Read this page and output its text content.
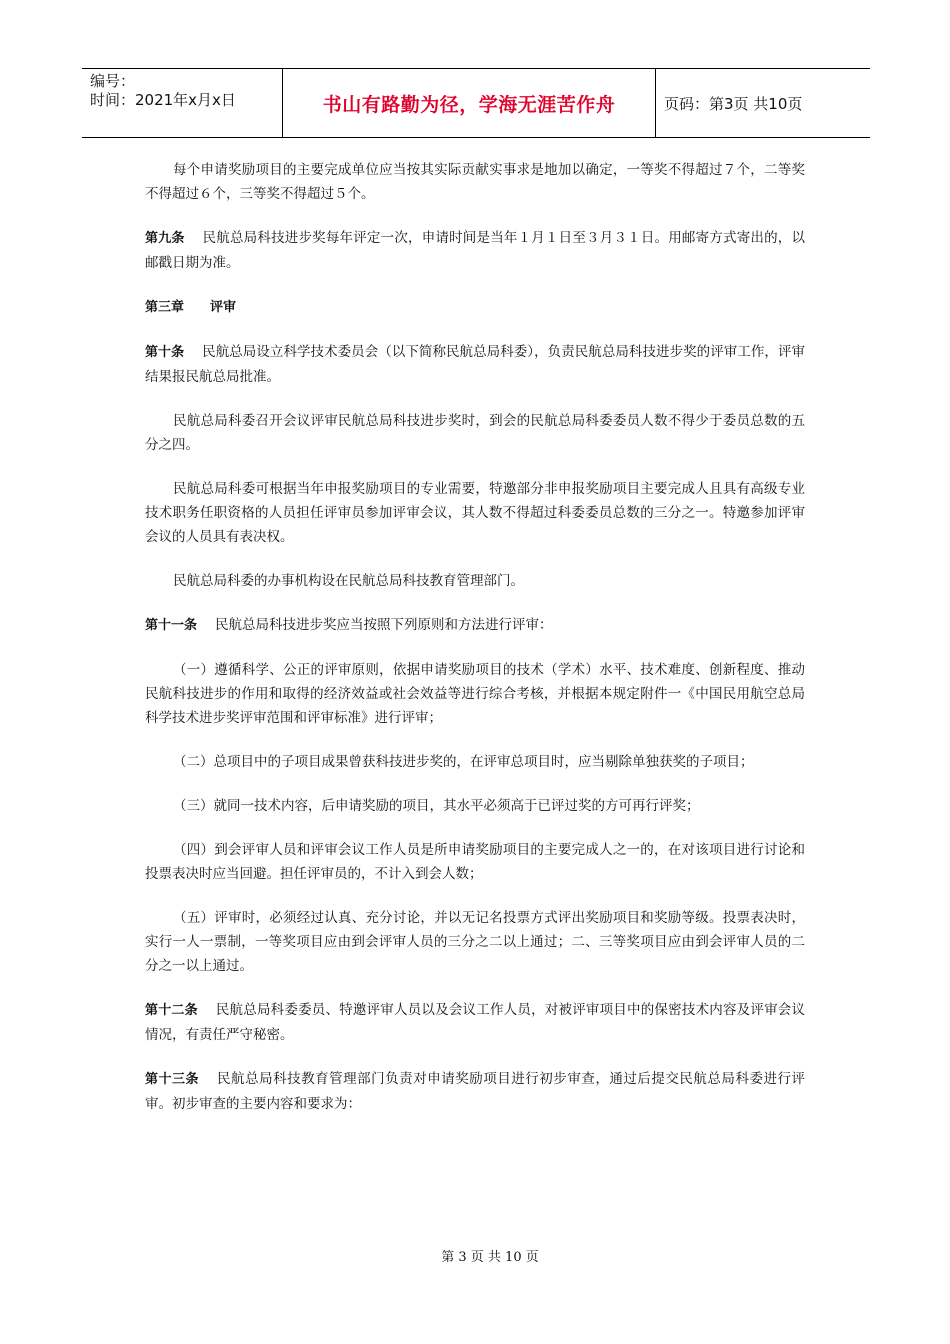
编号：
时间：2021年x月x日	书山有路勤为径，学海无涯苦作舟	页码：第3页 共10页

每个申请奖励项目的主要完成单位应当按其实际贡献实事求是地加以确定，一等奖不得超过７个，二等奖不得超过６个，三等奖不得超过５个。

第九条 民航总局科技进步奖每年评定一次，申请时间是当年１月１日至３月３１日。用邮寄方式寄出的，以邮戳日期为准。

第三章　　评审

第十条 民航总局设立科学技术委员会（以下简称民航总局科委），负责民航总局科技进步奖的评审工作，评审结果报民航总局批准。

民航总局科委召开会议评审民航总局科技进步奖时，到会的民航总局科委委员人数不得少于委员总数的五分之四。

民航总局科委可根据当年申报奖励项目的专业需要，特邀部分非申报奖励项目主要完成人且具有高级专业技术职务任职资格的人员担任评审员参加评审会议，其人数不得超过科委委员总数的三分之一。特邀参加评审会议的人员具有表决权。

民航总局科委的办事机构设在民航总局科技教育管理部门。

第十一条 民航总局科技进步奖应当按照下列原则和方法进行评审：

（一）遵循科学、公正的评审原则，依据申请奖励项目的技术（学术）水平、技术难度、创新程度、推动民航科技进步的作用和取得的经济效益或社会效益等进行综合考核，并根据本规定附件一《中国民用航空总局科学技术进步奖评审范围和评审标准》进行评审；

（二）总项目中的子项目成果曾获科技进步奖的，在评审总项目时，应当剔除单独获奖的子项目；

（三）就同一技术内容，后申请奖励的项目，其水平必须高于已评过奖的方可再行评奖；

（四）到会评审人员和评审会议工作人员是所申请奖励项目的主要完成人之一的，在对该项目进行讨论和投票表决时应当回避。担任评审员的，不计入到会人数；

（五）评审时，必须经过认真、充分讨论，并以无记名投票方式评出奖励项目和奖励等级。投票表决时，实行一人一票制，一等奖项目应由到会评审人员的三分之二以上通过；二、三等奖项目应由到会评审人员的二分之一以上通过。

第十二条 民航总局科委委员、特邀评审人员以及会议工作人员，对被评审项目中的保密技术内容及评审会议情况，有责任严守秘密。

第十三条 民航总局科技教育管理部门负责对申请奖励项目进行初步审查，通过后提交民航总局科委进行评审。初步审查的主要内容和要求为：

第 3 页 共 10 页
